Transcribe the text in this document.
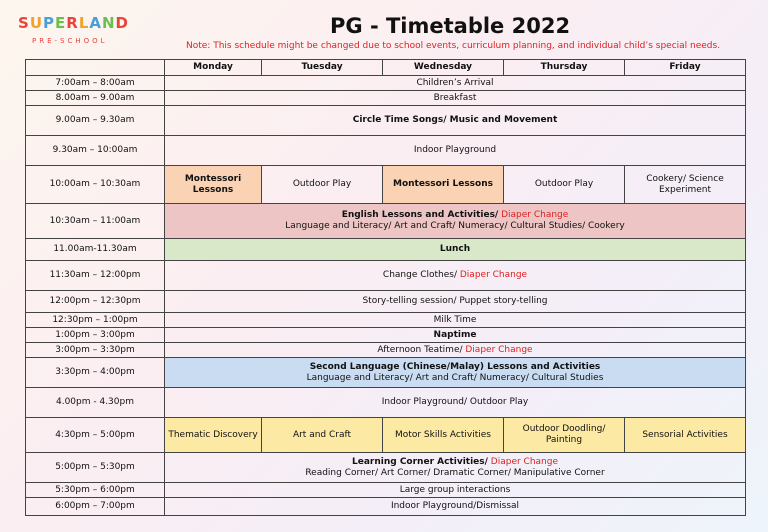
SUPERLAND
PRE-SCHOOL
PG - Timetable 2022
Note: This schedule might be changed due to school events, curriculum planning, and individual child’s special needs.
	Monday	Tuesday	Wednesday	Thursday	Friday
7:00am – 8:00am	Children’s Arrival				
8.00am – 9.00am	Breakfast				
9.00am – 9.30am	Circle Time Songs/ Music and Movement				
9.30am – 10:00am	Indoor Playground				
10:00am – 10:30am	Montessori Lessons	Outdoor Play	Montessori Lessons	Outdoor Play	Cookery/ Science Experiment
10:30am – 11:00am	English Lessons and Activities/ Diaper Change
Language and Literacy/ Art and Craft/ Numeracy/ Cultural Studies/ Cookery				

11.00am-11.30am	Lunch				
11:30am – 12:00pm	Change Clothes/ Diaper Change				
12:00pm – 12:30pm	Story-telling session/ Puppet story-telling				
12:30pm – 1:00pm	Milk Time				
1:00pm – 3:00pm	Naptime				
3:00pm – 3:30pm	Afternoon Teatime/ Diaper Change				
3:30pm – 4:00pm	Second Language (Chinese/Malay) Lessons and Activities
Language and Literacy/ Art and Craft/ Numeracy/ Cultural Studies				

4.00pm - 4.30pm	Indoor Playground/ Outdoor Play				
4:30pm – 5:00pm	Thematic Discovery	Art and Craft	Motor Skills Activities	Outdoor Doodling/ Painting	Sensorial Activities
5:00pm – 5:30pm	Learning Corner Activities/ Diaper Change
Reading Corner/ Art Corner/ Dramatic Corner/ Manipulative Corner				

5:30pm – 6:00pm	Large group interactions				
6:00pm – 7:00pm	Indoor Playground/Dismissal				
